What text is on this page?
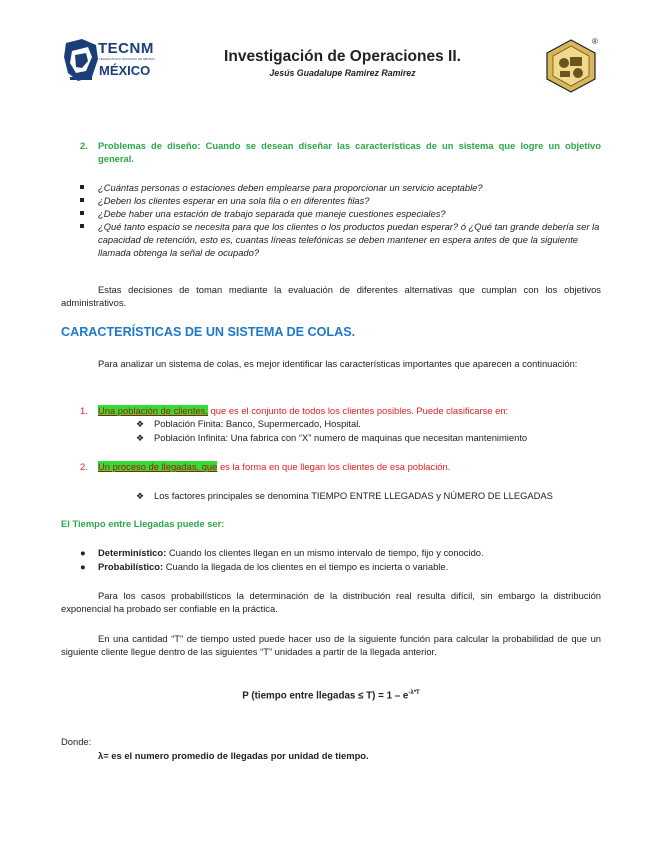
TECNM
TECNOLÓGICO NACIONAL DE MÉXICO
MÉXICO
Investigación de Operaciones II.
Jesús Guadalupe Ramirez Ramirez
®
2. Problemas de diseño: Cuando se desean diseñar las características de un sistema que logre un objetivo general.
¿Cuántas personas o estaciones deben emplearse para proporcionar un servicio aceptable?
¿Deben los clientes esperar en una sola fila o en diferentes filas?
¿Debe haber una estación de trabajo separada que maneje cuestiones especiales?
¿Qué tanto espacio se necesita para que los clientes o los productos puedan esperar? ó ¿Qué tan grande debería ser la capacidad de retención, esto es, cuantas líneas telefónicas se deben mantener en espera antes de que la siguiente llamada obtenga la señal de ocupado?
Estas decisiones de toman mediante la evaluación de diferentes alternativas que cumplan con los objetivos administrativos.
CARACTERÍSTICAS DE UN SISTEMA DE COLAS.
Para analizar un sistema de colas, es mejor identificar las características importantes que aparecen a continuación:
1. Una población de clientes, que es el conjunto de todos los clientes posibles. Puede clasificarse en:
❖ Población Finita: Banco, Supermercado, Hospital.
❖ Población Infinita: Una fabrica con “X” numero de maquinas que necesitan mantenimiento
2. Un proceso de llegadas, que es la forma en que llegan los clientes de esa población.
❖ Los factores principales se denomina TIEMPO ENTRE LLEGADAS y NÚMERO DE LLEGADAS
El Tiempo entre Llegadas puede ser:
● Determinístico: Cuando los clientes llegan en un mismo intervalo de tiempo, fijo y conocido.
● Probabilístico: Cuando la llegada de los clientes en el tiempo es incierta o variable.
Para los casos probabilísticos la determinación de la distribución real resulta difícil, sin embargo la distribución exponencial ha probado ser confiable en la práctica.
En una cantidad “T” de tiempo usted puede hacer uso de la siguiente función para calcular la probabilidad de que un siguiente cliente llegue dentro de las siguientes “T” unidades a partir de la llegada anterior.
P (tiempo entre llegadas ≤ $T) = 1 - e^{-\lambda*T}$
Donde:
λ= es el numero promedio de llegadas por unidad de tiempo.
